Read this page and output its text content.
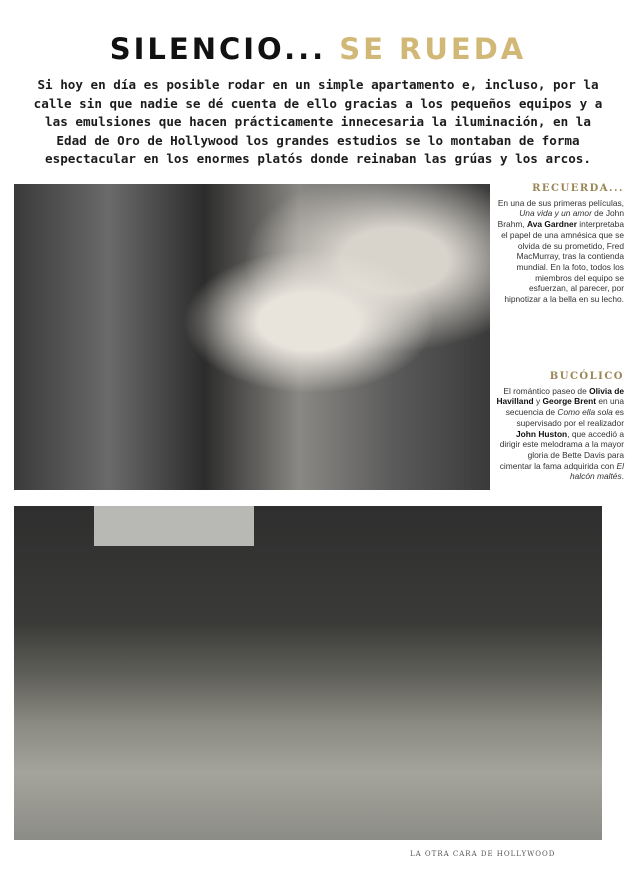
SILENCIO... SE RUEDA
Si hoy en día es posible rodar en un simple apartamento e, incluso, por la calle sin que nadie se dé cuenta de ello gracias a los pequeños equipos y a las emulsiones que hacen prácticamente innecesaria la iluminación, en la Edad de Oro de Hollywood los grandes estudios se lo montaban de forma espectacular en los enormes platós donde reinaban las grúas y los arcos.
RECUERDA...
En una de sus primeras películas, Una vida y un amor de John Brahm, Ava Gardner interpretaba el papel de una amnésica que se olvida de su prometido, Fred MacMurray, tras la contienda mundial. En la foto, todos los miembros del equipo se esfuerzan, al parecer, por hipnotizar a la bella en su lecho.
BUCÓLICO
El romántico paseo de Olivia de Havilland y George Brent en una secuencia de Como ella sola es supervisado por el realizador John Huston, que accedió a dirigir este melodrama a la mayor gloria de Bette Davis para cimentar la fama adquirida con El halcón maltés.
LA OTRA CARA DE HOLLYWOOD
